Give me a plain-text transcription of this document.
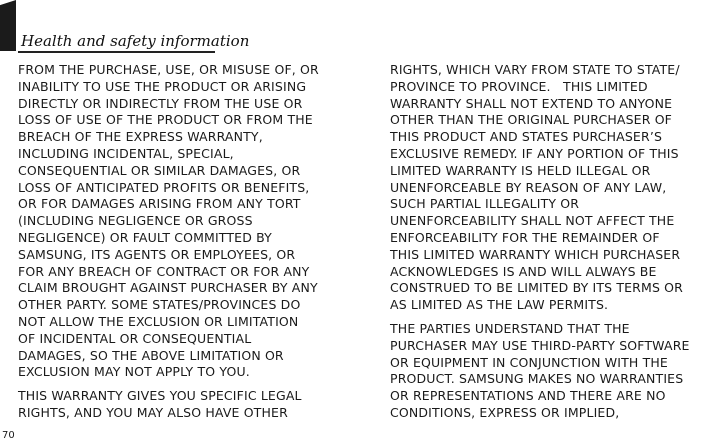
Health and safety information

FROM THE PURCHASE, USE, OR MISUSE OF, OR
INABILITY TO USE THE PRODUCT OR ARISING
DIRECTLY OR INDIRECTLY FROM THE USE OR
LOSS OF USE OF THE PRODUCT OR FROM THE
BREACH OF THE EXPRESS WARRANTY,
INCLUDING INCIDENTAL, SPECIAL,
CONSEQUENTIAL OR SIMILAR DAMAGES, OR
LOSS OF ANTICIPATED PROFITS OR BENEFITS,
OR FOR DAMAGES ARISING FROM ANY TORT
(INCLUDING NEGLIGENCE OR GROSS
NEGLIGENCE) OR FAULT COMMITTED BY
SAMSUNG, ITS AGENTS OR EMPLOYEES, OR
FOR ANY BREACH OF CONTRACT OR FOR ANY
CLAIM BROUGHT AGAINST PURCHASER BY ANY
OTHER PARTY. SOME STATES/PROVINCES DO
NOT ALLOW THE EXCLUSION OR LIMITATION
OF INCIDENTAL OR CONSEQUENTIAL
DAMAGES, SO THE ABOVE LIMITATION OR
EXCLUSION MAY NOT APPLY TO YOU.

THIS WARRANTY GIVES YOU SPECIFIC LEGAL
RIGHTS, AND YOU MAY ALSO HAVE OTHER

RIGHTS, WHICH VARY FROM STATE TO STATE/
PROVINCE TO PROVINCE.   THIS LIMITED
WARRANTY SHALL NOT EXTEND TO ANYONE
OTHER THAN THE ORIGINAL PURCHASER OF
THIS PRODUCT AND STATES PURCHASER’S
EXCLUSIVE REMEDY. IF ANY PORTION OF THIS
LIMITED WARRANTY IS HELD ILLEGAL OR
UNENFORCEABLE BY REASON OF ANY LAW,
SUCH PARTIAL ILLEGALITY OR
UNENFORCEABILITY SHALL NOT AFFECT THE
ENFORCEABILITY FOR THE REMAINDER OF
THIS LIMITED WARRANTY WHICH PURCHASER
ACKNOWLEDGES IS AND WILL ALWAYS BE
CONSTRUED TO BE LIMITED BY ITS TERMS OR
AS LIMITED AS THE LAW PERMITS.

THE PARTIES UNDERSTAND THAT THE
PURCHASER MAY USE THIRD-PARTY SOFTWARE
OR EQUIPMENT IN CONJUNCTION WITH THE
PRODUCT. SAMSUNG MAKES NO WARRANTIES
OR REPRESENTATIONS AND THERE ARE NO
CONDITIONS, EXPRESS OR IMPLIED,

70
